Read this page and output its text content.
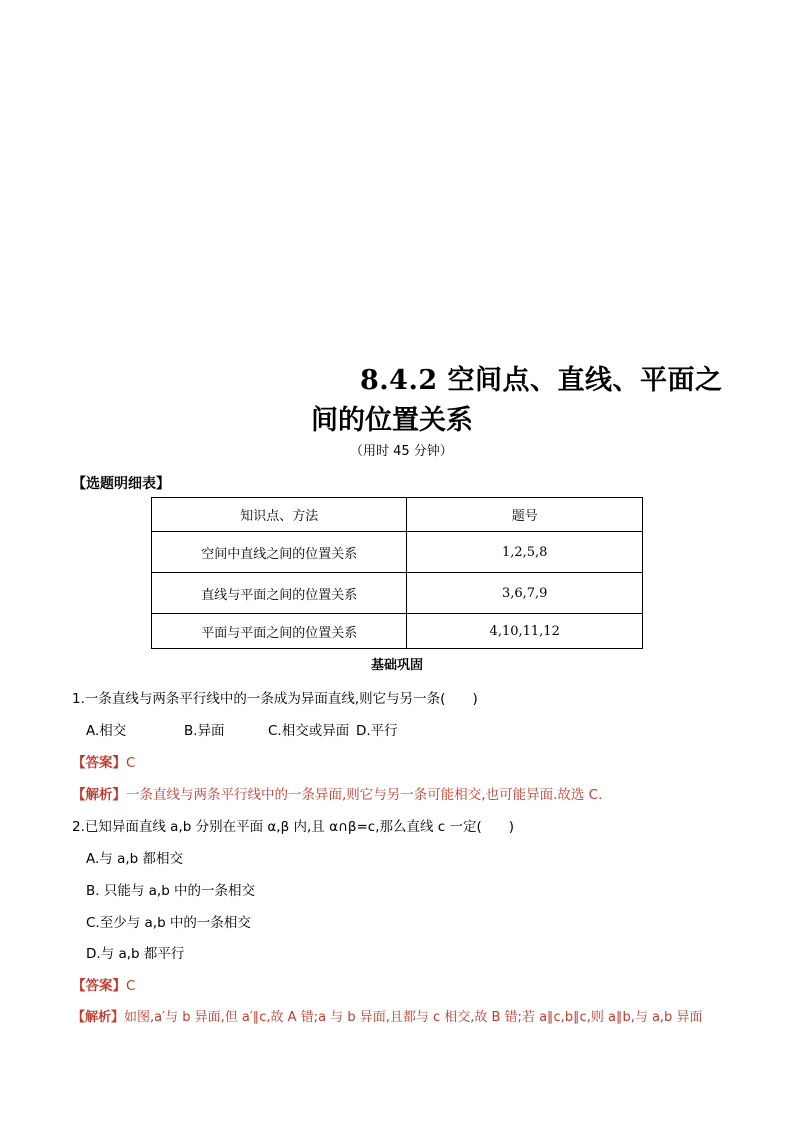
8.4.2 空间点、直线、平面之
间的位置关系
（用时 45 分钟）
【选题明细表】
知识点、方法	题号
空间中直线之间的位置关系	1,2,5,8
直线与平面之间的位置关系	3,6,7,9
平面与平面之间的位置关系	4,10,11,12
基础巩固
1.一条直线与两条平行线中的一条成为异面直线,则它与另一条(　　)
A.相交	B.异面	C.相交或异面 D.平行
【答案】C
【解析】一条直线与两条平行线中的一条异面,则它与另一条可能相交,也可能异面.故选 C.
2.已知异面直线 a,b 分别在平面 α,β 内,且 α∩β=c,那么直线 c 一定(　　)
A.与 a,b 都相交
B. 只能与 a,b 中的一条相交
C.至少与 a,b 中的一条相交
D.与 a,b 都平行
【答案】C
【解析】如图,a′与 b 异面,但 a′∥c,故 A 错;a 与 b 异面,且都与 c 相交,故 B 错;若 a∥c,b∥c,则 a∥b,与 a,b 异面
